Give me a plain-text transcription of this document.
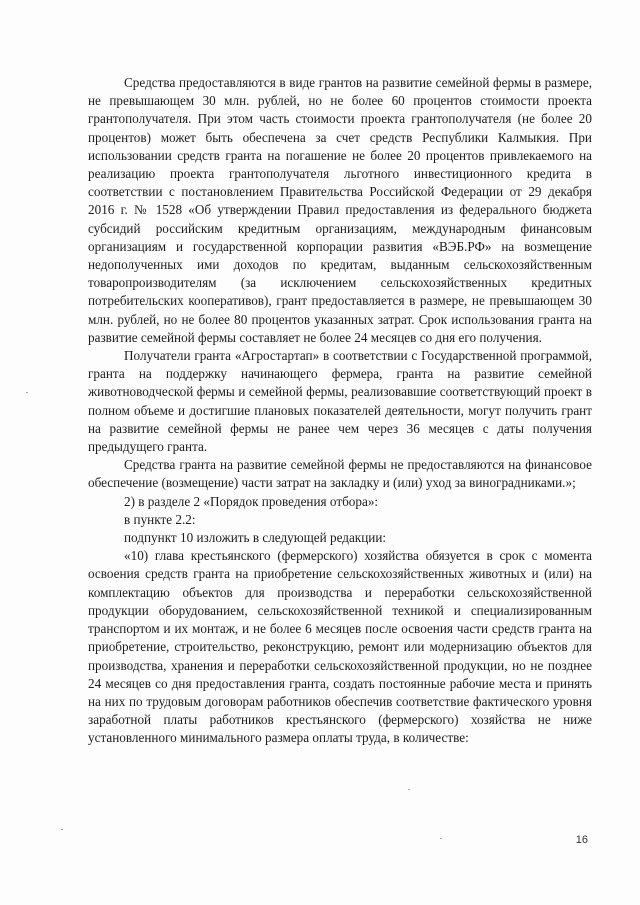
Средства предоставляются в виде грантов на развитие семейной фермы в размере, не превышающем 30 млн. рублей, но не более 60 процентов стоимости проекта грантополучателя. При этом часть стоимости проекта грантополучателя (не более 20 процентов) может быть обеспечена за счет средств Республики Калмыкия. При использовании средств гранта на погашение не более 20 процентов привлекаемого на реализацию проекта грантополучателя льготного инвестиционного кредита в соответствии с постановлением Правительства Российской Федерации от 29 декабря 2016 г. № 1528 «Об утверждении Правил предоставления из федерального бюджета субсидий российским кредитным организациям, международным финансовым организациям и государственной корпорации развития «ВЭБ.РФ» на возмещение недополученных ими доходов по кредитам, выданным сельскохозяйственным товаропроизводителям (за исключением сельскохозяйственных кредитных потребительских кооперативов), грант предоставляется в размере, не превышающем 30 млн. рублей, но не более 80 процентов указанных затрат. Срок использования гранта на развитие семейной фермы составляет не более 24 месяцев со дня его получения.

Получатели гранта «Агростартап» в соответствии с Государственной программой, гранта на поддержку начинающего фермера, гранта на развитие семейной животноводческой фермы и семейной фермы, реализовавшие соответствующий проект в полном объеме и достигшие плановых показателей деятельности, могут получить грант на развитие семейной фермы не ранее чем через 36 месяцев с даты получения предыдущего гранта.

Средства гранта на развитие семейной фермы не предоставляются на финансовое обеспечение (возмещение) части затрат на закладку и (или) уход за виноградниками.»;

2) в разделе 2 «Порядок проведения отбора»:

в пункте 2.2:

подпункт 10 изложить в следующей редакции:

«10) глава крестьянского (фермерского) хозяйства обязуется в срок с момента освоения средств гранта на приобретение сельскохозяйственных животных и (или) на комплектацию объектов для производства и переработки сельскохозяйственной продукции оборудованием, сельскохозяйственной техникой и специализированным транспортом и их монтаж, и не более 6 месяцев после освоения части средств гранта на приобретение, строительство, реконструкцию, ремонт или модернизацию объектов для производства, хранения и переработки сельскохозяйственной продукции, но не позднее 24 месяцев со дня предоставления гранта, создать постоянные рабочие места и принять на них по трудовым договорам работников обеспечив соответствие фактического уровня заработной платы работников крестьянского (фермерского) хозяйства не ниже установленного минимального размера оплаты труда, в количестве:

16
